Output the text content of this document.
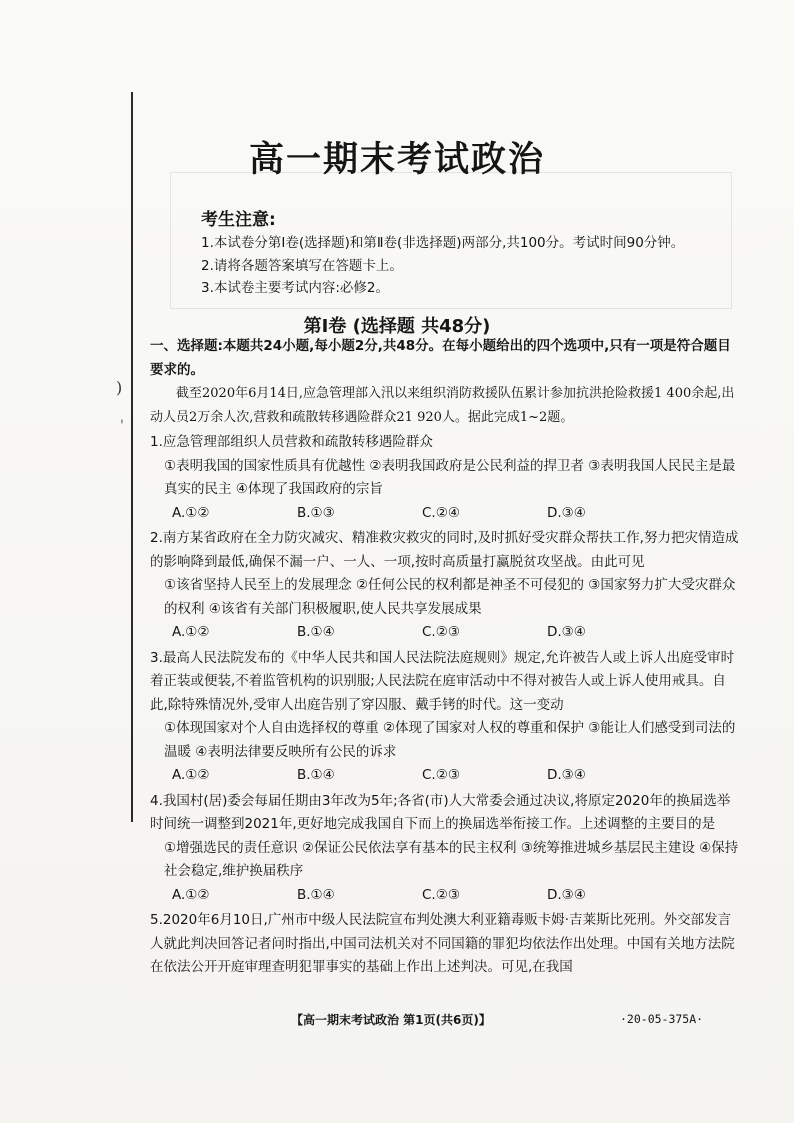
)
'
高一期末考试政治
考生注意:
1.本试卷分第Ⅰ卷(选择题)和第Ⅱ卷(非选择题)两部分,共100分。考试时间90分钟。
2.请将各题答案填写在答题卡上。
3.本试卷主要考试内容:必修2。
第Ⅰ卷 (选择题 共48分)

一、选择题:本题共24小题,每小题2分,共48分。在每小题给出的四个选项中,只有一项是符合题目要求的。

截至2020年6月14日,应急管理部入汛以来组织消防救援队伍累计参加抗洪抢险救援1 400余起,出动人员2万余人次,营救和疏散转移遇险群众21 920人。据此完成1~2题。

1.应急管理部组织人员营救和疏散转移遇险群众

①表明我国的国家性质具有优越性 ②表明我国政府是公民利益的捍卫者 ③表明我国人民民主是最真实的民主 ④体现了我国政府的宗旨

A.①②	B.①③	C.②④	D.③④

2.南方某省政府在全力防灾减灾、精准救灾救灾的同时,及时抓好受灾群众帮扶工作,努力把灾情造成的影响降到最低,确保不漏一户、一人、一项,按时高质量打赢脱贫攻坚战。由此可见

①该省坚持人民至上的发展理念 ②任何公民的权利都是神圣不可侵犯的 ③国家努力扩大受灾群众的权利 ④该省有关部门积极履职,使人民共享发展成果

A.①②	B.①④	C.②③	D.③④

3.最高人民法院发布的《中华人民共和国人民法院法庭规则》规定,允许被告人或上诉人出庭受审时着正装或便装,不着监管机构的识别服;人民法院在庭审活动中不得对被告人或上诉人使用戒具。自此,除特殊情况外,受审人出庭告别了穿囚服、戴手铐的时代。这一变动

①体现国家对个人自由选择权的尊重 ②体现了国家对人权的尊重和保护 ③能让人们感受到司法的温暖 ④表明法律要反映所有公民的诉求

A.①②	B.①④	C.②③	D.③④

4.我国村(居)委会每届任期由3年改为5年;各省(市)人大常委会通过决议,将原定2020年的换届选举时间统一调整到2021年,更好地完成我国自下而上的换届选举衔接工作。上述调整的主要目的是

①增强选民的责任意识 ②保证公民依法享有基本的民主权利 ③统筹推进城乡基层民主建设 ④保持社会稳定,维护换届秩序

A.①②	B.①④	C.②③	D.③④

5.2020年6月10日,广州市中级人民法院宣布判处澳大利亚籍毒贩卡姆·吉莱斯比死刑。外交部发言人就此判决回答记者问时指出,中国司法机关对不同国籍的罪犯均依法作出处理。中国有关地方法院在依法公开开庭审理查明犯罪事实的基础上作出上述判决。可见,在我国

【高一期末考试政治 第1页(共6页)】	·20-05-375A·
